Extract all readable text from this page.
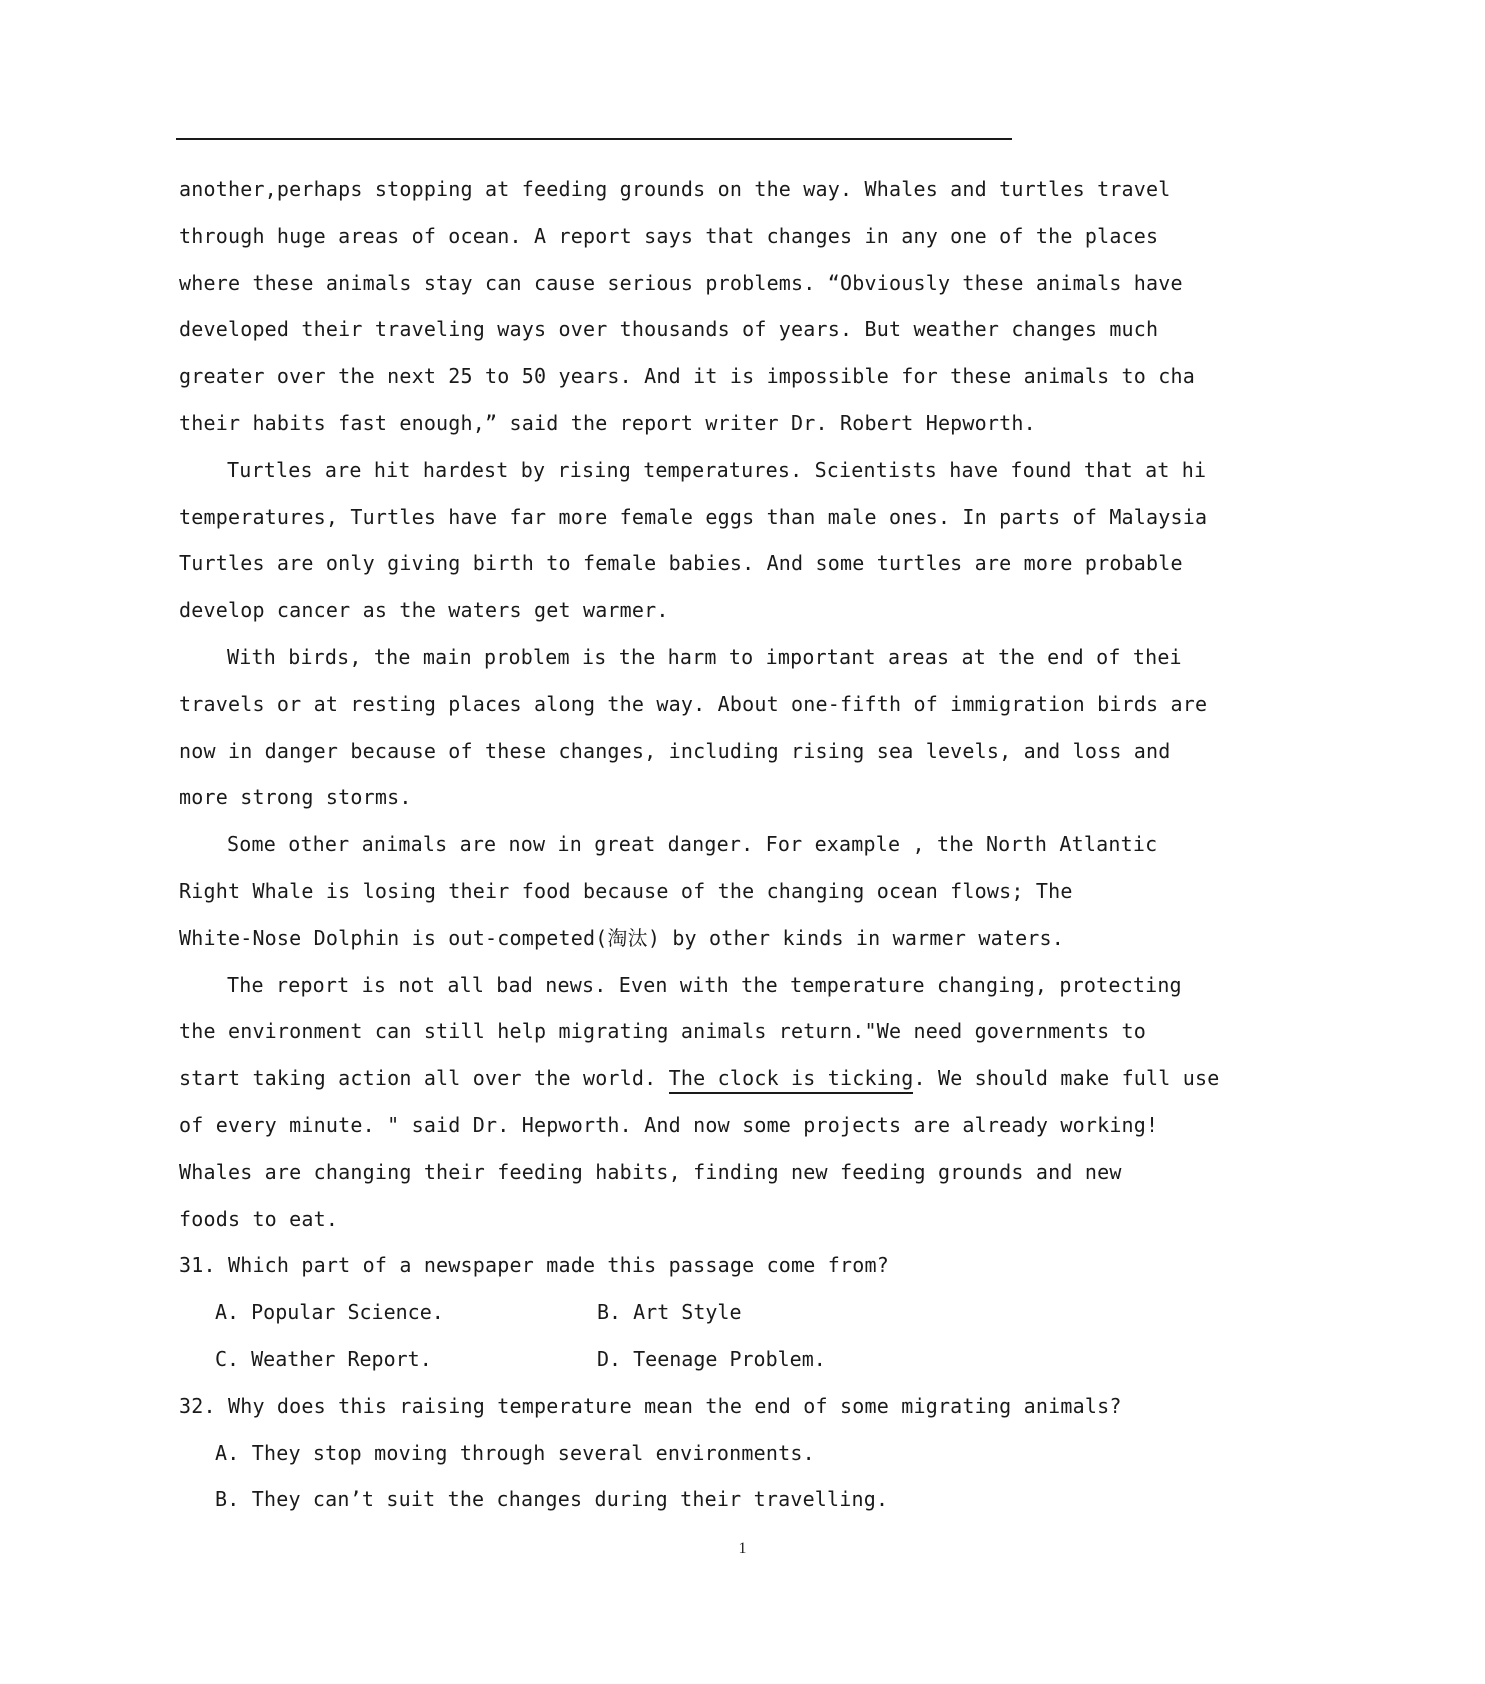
another,perhaps stopping at feeding grounds on the way. Whales and turtles travel
through huge areas of ocean. A report says that changes in any one of the places
where these animals stay can cause serious problems. “Obviously these animals have
developed their traveling ways over thousands of years. But weather changes much
greater over the next 25 to 50 years. And it is impossible for these animals to cha
their habits fast enough,” said the report writer Dr. Robert Hepworth.
Turtles are hit hardest by rising temperatures. Scientists have found that at hi
temperatures, Turtles have far more female eggs than male ones. In parts of Malaysia
Turtles are only giving birth to female babies. And some turtles are more probable
develop cancer as the waters get warmer.
With birds, the main problem is the harm to important areas at the end of thei
travels or at resting places along the way. About one-fifth of immigration birds are
now in danger because of these changes, including rising sea levels, and loss and
more strong storms.
Some other animals are now in great danger. For example , the North Atlantic
Right Whale is losing their food because of the changing ocean flows; The
White-Nose Dolphin is out-competed(淘汰) by other kinds in warmer waters.
The report is not all bad news. Even with the temperature changing, protecting
the environment can still help migrating animals return."We need governments to
start taking action all over the world. The clock is ticking. We should make full use
of every minute. " said Dr. Hepworth. And now some projects are already working!
Whales are changing their feeding habits, finding new feeding grounds and new
foods to eat.
31. Which part of a newspaper made this passage come from?
A. Popular Science.	B. Art Style
C. Weather Report.	D. Teenage Problem.
32. Why does this raising temperature mean the end of some migrating animals?
A. They stop moving through several environments.
B. They can’t suit the changes during their travelling.
1
